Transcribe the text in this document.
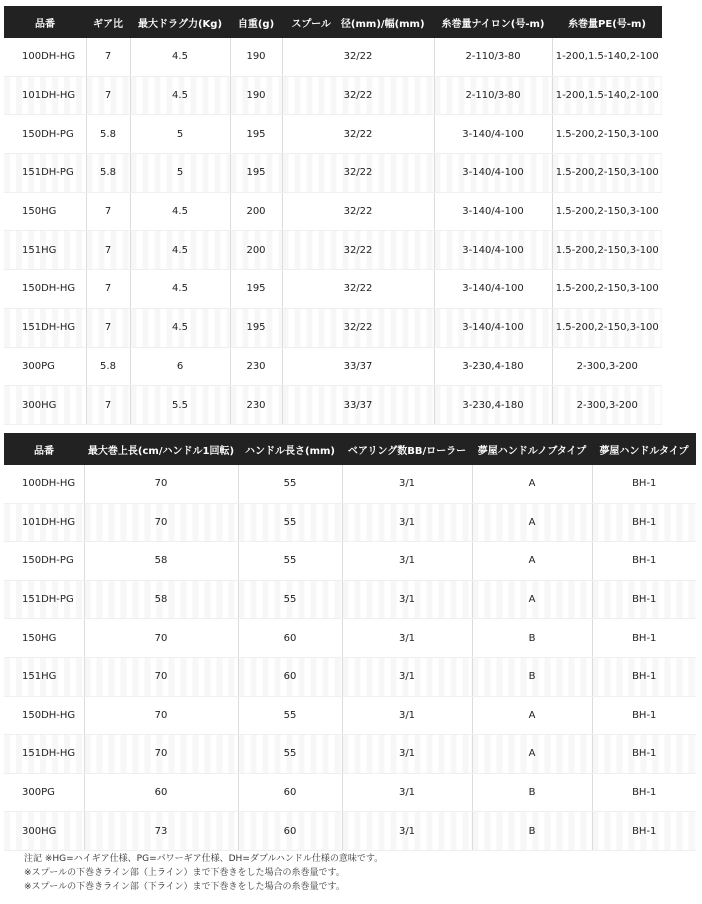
品番	ギア比	最大ドラグ力(Kg)	自重(g)	スプール　径(mm)/幅(mm)	糸巻量ナイロン(号-m)	糸巻量PE(号-m)
100DH-HG	7	4.5	190	32/22	2-110/3-80	1-200,1.5-140,2-100
101DH-HG	7	4.5	190	32/22	2-110/3-80	1-200,1.5-140,2-100
150DH-PG	5.8	5	195	32/22	3-140/4-100	1.5-200,2-150,3-100
151DH-PG	5.8	5	195	32/22	3-140/4-100	1.5-200,2-150,3-100
150HG	7	4.5	200	32/22	3-140/4-100	1.5-200,2-150,3-100
151HG	7	4.5	200	32/22	3-140/4-100	1.5-200,2-150,3-100
150DH-HG	7	4.5	195	32/22	3-140/4-100	1.5-200,2-150,3-100
151DH-HG	7	4.5	195	32/22	3-140/4-100	1.5-200,2-150,3-100
300PG	5.8	6	230	33/37	3-230,4-180	2-300,3-200
300HG	7	5.5	230	33/37	3-230,4-180	2-300,3-200
品番	最大巻上長(cm/ハンドル1回転)	ハンドル長さ(mm)	ベアリング数BB/ローラー	夢屋ハンドルノブタイプ	夢屋ハンドルタイプ
100DH-HG	70	55	3/1	A	BH-1
101DH-HG	70	55	3/1	A	BH-1
150DH-PG	58	55	3/1	A	BH-1
151DH-PG	58	55	3/1	A	BH-1
150HG	70	60	3/1	B	BH-1
151HG	70	60	3/1	B	BH-1
150DH-HG	70	55	3/1	A	BH-1
151DH-HG	70	55	3/1	A	BH-1
300PG	60	60	3/1	B	BH-1
300HG	73	60	3/1	B	BH-1
注記 ※HG=ハイギア仕様、PG=パワーギア仕様、DH=ダブルハンドル仕様の意味です。
※スプールの下巻きライン部（上ライン）まで下巻きをした場合の糸巻量です。
※スプールの下巻きライン部（下ライン）まで下巻きをした場合の糸巻量です。
